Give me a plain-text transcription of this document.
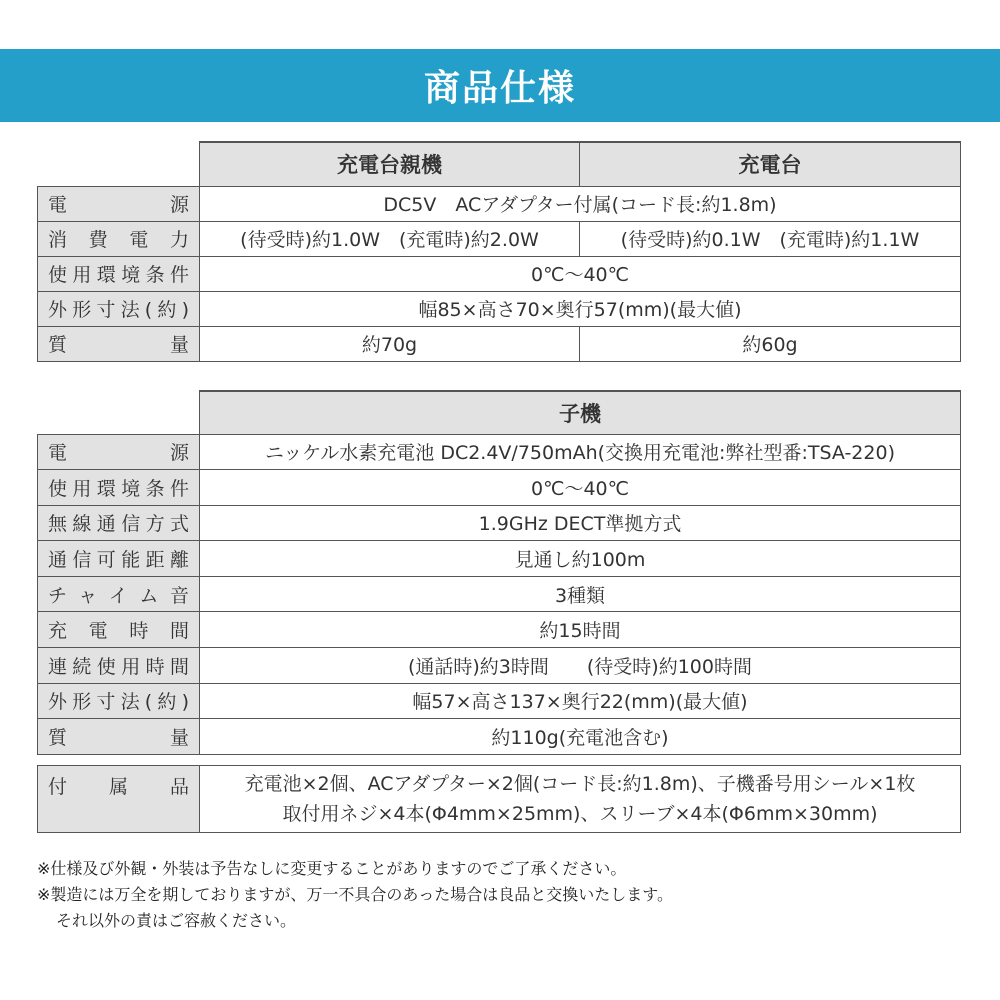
商品仕様
	充電台親機	充電台
電　　源	DC5V　ACアダプター付属(コード長:約1.8m)	
消費電力	(待受時)約1.0W　(充電時)約2.0W	(待受時)約0.1W　(充電時)約1.1W
使用環境条件	0℃～40℃	
外形寸法(約)	幅85×高さ70×奥行57(mm)(最大値)	
質　　量	約70g	約60g
	子機
電　　源	ニッケル水素充電池 DC2.4V/750mAh(交換用充電池:弊社型番:TSA-220)
使用環境条件	0℃～40℃
無線通信方式	1.9GHz DECT準拠方式
通信可能距離	見通し約100m
チャイム音	3種類
充電時間	約15時間
連続使用時間	(通話時)約3時間　　(待受時)約100時間
外形寸法(約)	幅57×高さ137×奥行22(mm)(最大値)
質　　量	約110g(充電池含む)
付　属　品	充電池×2個、ACアダプター×2個(コード長:約1.8m)、子機番号用シール×1枚
取付用ネジ×4本(Φ4mm×25mm)、スリーブ×4本(Φ6mm×30mm)
※仕様及び外観・外装は予告なしに変更することがありますのでご了承ください。
※製造には万全を期しておりますが、万一不具合のあった場合は良品と交換いたします。
それ以外の責はご容赦ください。
